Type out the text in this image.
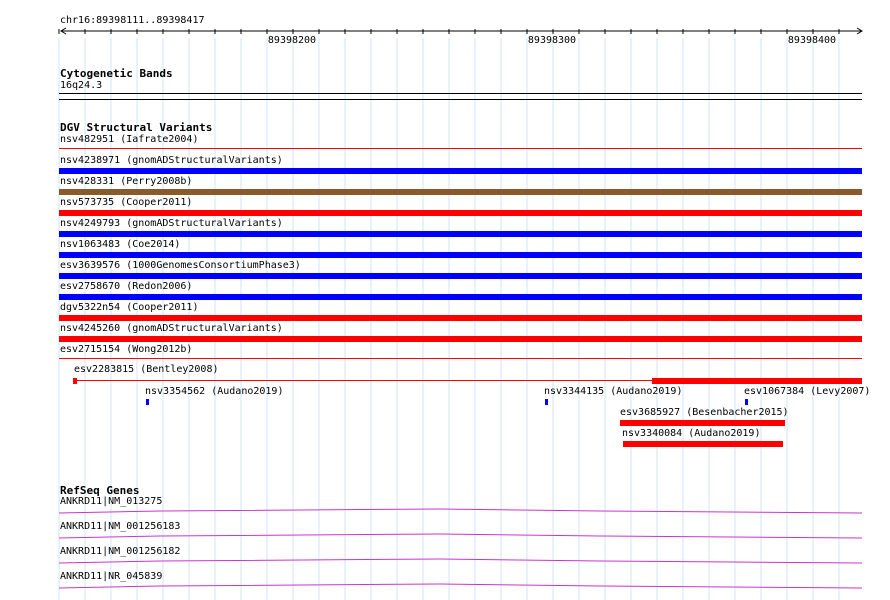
chr16:89398111..89398417
89398200	89398300	89398400
Cytogenetic Bands
16q24.3
DGV Structural Variants
nsv482951 (Iafrate2004)
nsv4238971 (gnomADStructuralVariants)
nsv428331 (Perry2008b)
nsv573735 (Cooper2011)
nsv4249793 (gnomADStructuralVariants)
nsv1063483 (Coe2014)
esv3639576 (1000GenomesConsortiumPhase3)
esv2758670 (Redon2006)
dgv5322n54 (Cooper2011)
nsv4245260 (gnomADStructuralVariants)
esv2715154 (Wong2012b)
esv2283815 (Bentley2008)
nsv3354562 (Audano2019)	nsv3344135 (Audano2019)	esv1067384 (Levy2007)
esv3685927 (Besenbacher2015)
nsv3340084 (Audano2019)
RefSeq Genes
ANKRD11|NM_013275
ANKRD11|NM_001256183
ANKRD11|NM_001256182
ANKRD11|NR_045839
